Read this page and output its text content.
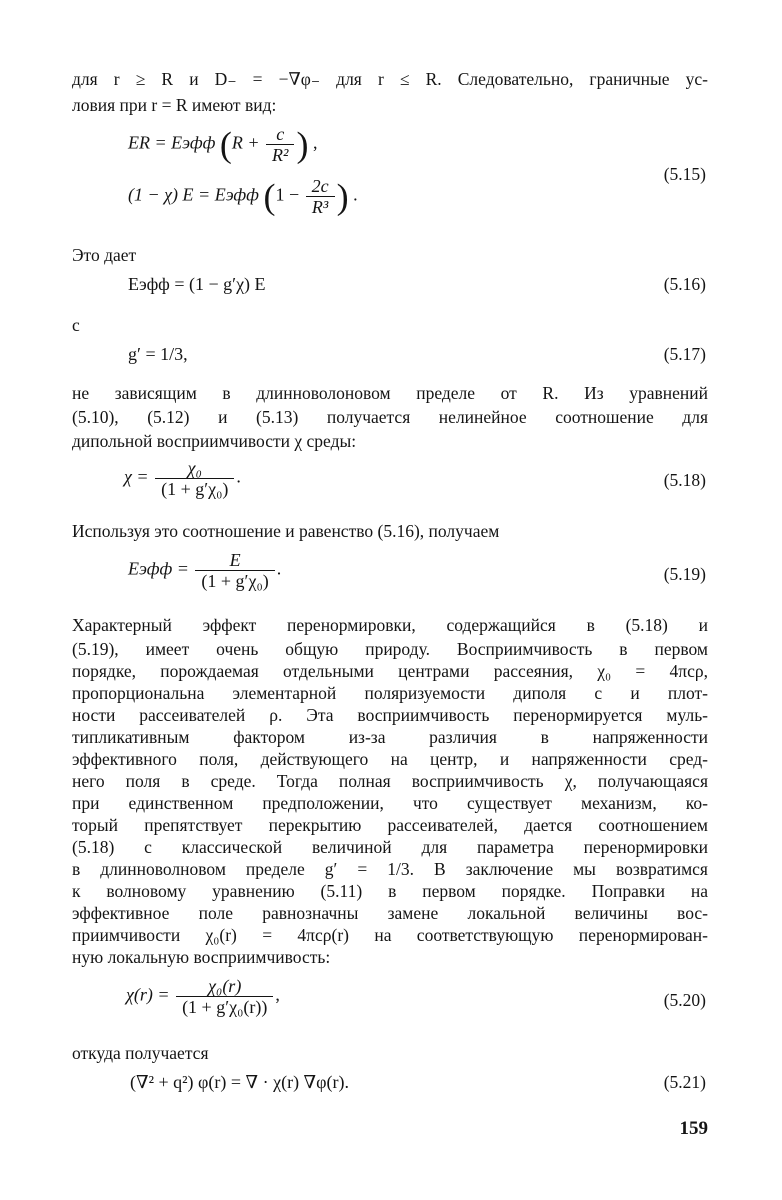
для r ≥ R и D₋ = −∇φ₋ для r ≤ R. Следовательно, граничные ус-
ловия при r = R имеют вид:
ER = Eэфф ($R + \frac{c}{\text{R²}}$ ) ,
(1 − χ) E = Eэфф ($1 - \frac{2c}{\text{R³}}$ ) .
(5.15)
Это дает
Eэфф = (1 − g′χ) E	(5.16)
с
g′ = 1/3,	(5.17)
не зависящим в длинноволоновом пределе от R. Из уравнений
(5.10), (5.12) и (5.13) получается нелинейное соотношение для
дипольной восприимчивости χ среды:
$\chi = \frac{\text{χ₀}}{\text{(1 + g′χ₀)}}$ .	(5.18)
Используя это соотношение и равенство (5.16), получаем
Eэфф = $\frac{E}{\text{(1 + g′χ₀)}}$ .	(5.19)
Характерный эффект перенормировки, содержащийся в (5.18) и
(5.19), имеет очень общую природу. Восприимчивость в первом
порядке, порождаемая отдельными центрами рассеяния, χ₀ = 4πcρ,
пропорциональна элементарной поляризуемости диполя c и плот-
ности рассеивателей ρ. Эта восприимчивость перенормируется муль-
типликативным фактором из-за различия в напряженности
эффективного поля, действующего на центр, и напряженности сред-
него поля в среде. Тогда полная восприимчивость χ, получающаяся
при единственном предположении, что существует механизм, ко-
торый препятствует перекрытию рассеивателей, дается соотношением
(5.18) с классической величиной для параметра перенормировки
в длинноволновом пределе g′ = 1/3. В заключение мы возвратимся
к волновому уравнению (5.11) в первом порядке. Поправки на
эффективное поле равнозначны замене локальной величины вос-
приимчивости χ₀(r) = 4πcρ(r) на соответствующую перенормирован-
ную локальную восприимчивость:
$\chi(r) = \frac{\text{χ₀(r)}}{\text{(1 + g′χ₀(r))}}$ ,	(5.20)
откуда получается
(∇² + q²) φ(r) = ∇ · χ(r) ∇φ(r).	(5.21)
159
